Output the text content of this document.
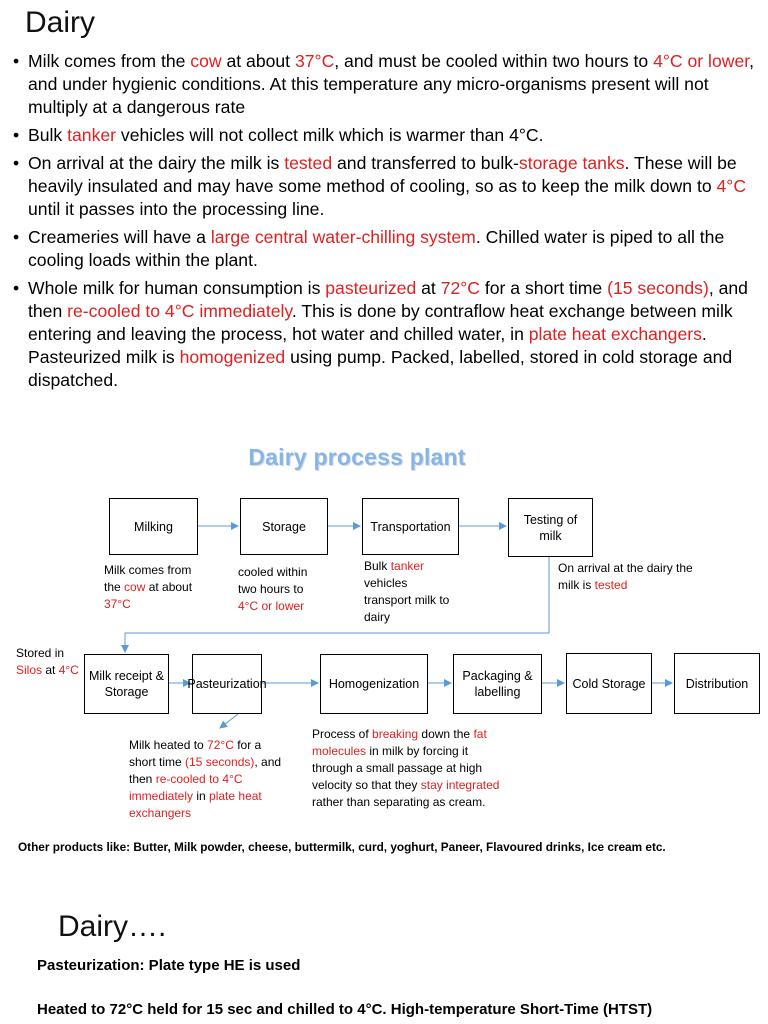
Dairy
• Milk comes from the cow at about 37°C, and must be cooled within two hours to 4°C or lower, and under hygienic conditions. At this temperature any micro-organisms present will not multiply at a dangerous rate
• Bulk tanker vehicles will not collect milk which is warmer than 4°C.
• On arrival at the dairy the milk is tested and transferred to bulk-storage tanks. These will be heavily insulated and may have some method of cooling, so as to keep the milk down to 4°C until it passes into the processing line.
• Creameries will have a large central water-chilling system. Chilled water is piped to all the cooling loads within the plant.
• Whole milk for human consumption is pasteurized at 72°C for a short time (15 seconds), and then re-cooled to 4°C immediately. This is done by contraflow heat exchange between milk entering and leaving the process, hot water and chilled water, in plate heat exchangers. Pasteurized milk is homogenized using pump. Packed, labelled, stored in cold storage and dispatched.
Dairy process plant
Milking	Storage	Transportation	Testing of milk
Milk receipt & Storage
Pasteurization	Homogenization
Packaging & labelling
Cold Storage	Distribution
Milk comes from the cow at about 37°C
cooled within two hours to 4°C or lower
Bulk tanker vehicles transport milk to dairy
On arrival at the dairy the milk is tested
Stored in Silos at 4°C
Milk heated to 72°C for a short time (15 seconds), and then re-cooled to 4°C immediately in plate heat exchangers
Process of breaking down the fat molecules in milk by forcing it through a small passage at high velocity so that they stay integrated rather than separating as cream.
Other products like: Butter, Milk powder, cheese, buttermilk, curd, yoghurt, Paneer, Flavoured drinks, Ice cream etc.
Dairy….
Pasteurization: Plate type HE is used
Heated to 72°C held for 15 sec and chilled to 4°C. High-temperature Short-Time (HTST)
